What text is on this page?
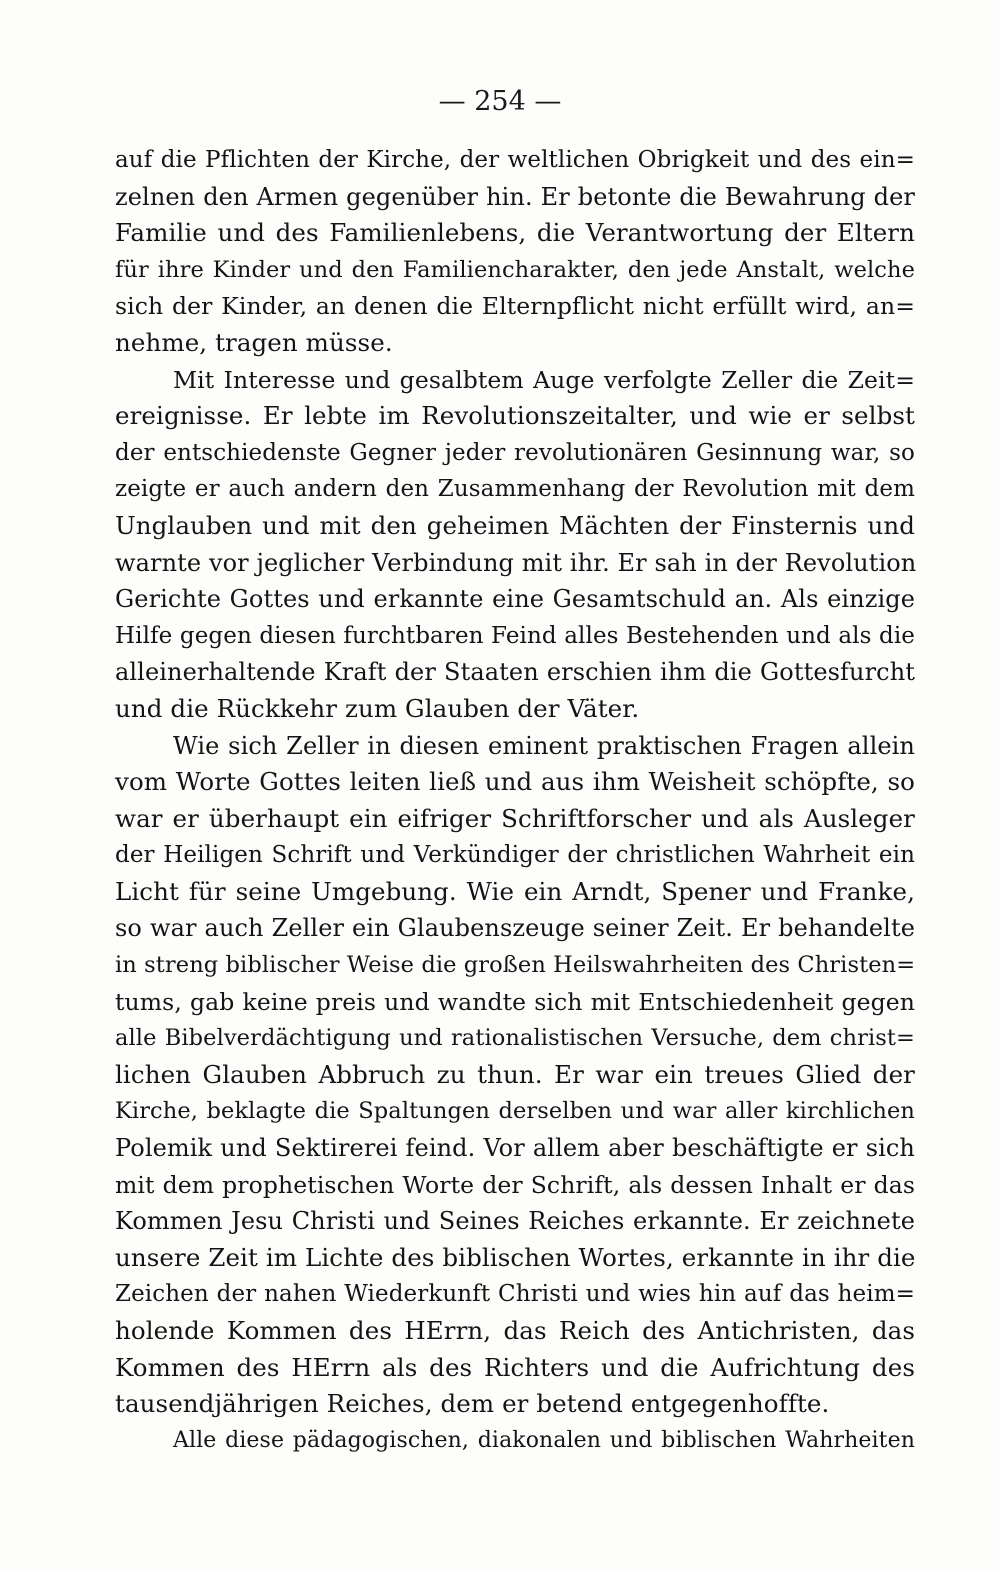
— 254 —
auf die Pflichten der Kirche, der weltlichen Obrigkeit und des ein=
zelnen den Armen gegenüber hin. Er betonte die Bewahrung der
Familie und des Familienlebens, die Verantwortung der Eltern
für ihre Kinder und den Familiencharakter, den jede Anstalt, welche
sich der Kinder, an denen die Elternpflicht nicht erfüllt wird, an=
nehme, tragen müsse.
Mit Interesse und gesalbtem Auge verfolgte Zeller die Zeit=
ereignisse. Er lebte im Revolutionszeitalter, und wie er selbst
der entschiedenste Gegner jeder revolutionären Gesinnung war, so
zeigte er auch andern den Zusammenhang der Revolution mit dem
Unglauben und mit den geheimen Mächten der Finsternis und
warnte vor jeglicher Verbindung mit ihr. Er sah in der Revolution
Gerichte Gottes und erkannte eine Gesamtschuld an. Als einzige
Hilfe gegen diesen furchtbaren Feind alles Bestehenden und als die
alleinerhaltende Kraft der Staaten erschien ihm die Gottesfurcht
und die Rückkehr zum Glauben der Väter.
Wie sich Zeller in diesen eminent praktischen Fragen allein
vom Worte Gottes leiten ließ und aus ihm Weisheit schöpfte, so
war er überhaupt ein eifriger Schriftforscher und als Ausleger
der Heiligen Schrift und Verkündiger der christlichen Wahrheit ein
Licht für seine Umgebung. Wie ein Arndt, Spener und Franke,
so war auch Zeller ein Glaubenszeuge seiner Zeit. Er behandelte
in streng biblischer Weise die großen Heilswahrheiten des Christen=
tums, gab keine preis und wandte sich mit Entschiedenheit gegen
alle Bibelverdächtigung und rationalistischen Versuche, dem christ=
lichen Glauben Abbruch zu thun. Er war ein treues Glied der
Kirche, beklagte die Spaltungen derselben und war aller kirchlichen
Polemik und Sektirerei feind. Vor allem aber beschäftigte er sich
mit dem prophetischen Worte der Schrift, als dessen Inhalt er das
Kommen Jesu Christi und Seines Reiches erkannte. Er zeichnete
unsere Zeit im Lichte des biblischen Wortes, erkannte in ihr die
Zeichen der nahen Wiederkunft Christi und wies hin auf das heim=
holende Kommen des HErrn, das Reich des Antichristen, das
Kommen des HErrn als des Richters und die Aufrichtung des
tausendjährigen Reiches, dem er betend entgegenhoffte.
Alle diese pädagogischen, diakonalen und biblischen Wahrheiten
